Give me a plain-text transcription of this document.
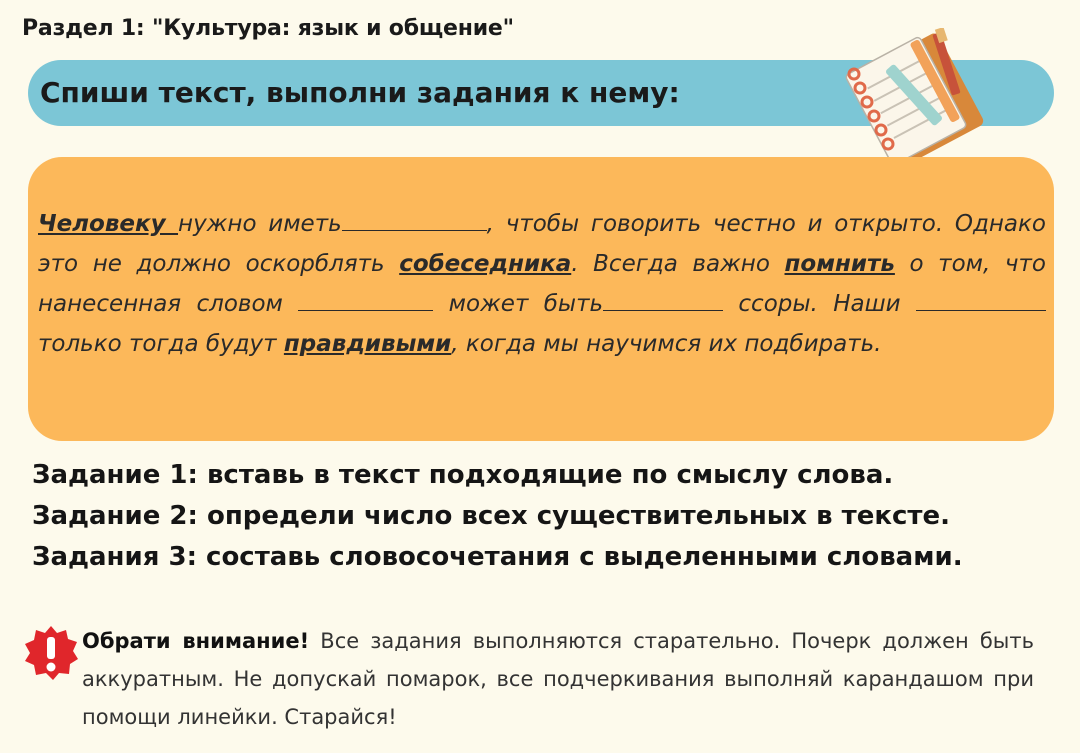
Раздел 1: "Культура: язык и общение"
Спиши текст, выполни задания к нему:
Человеку нужно иметь	, чтобы говорить честно и открыто. Однако это не должно оскорблять собеседника. Всегда важно помнить о том, что нанесенная словом	может быть	ссоры. Наши  только тогда будут правдивыми, когда мы научимся их подбирать.
Задание 1: вставь в текст подходящие по смыслу слова.
Задание 2: определи число всех существительных в тексте.
Задания 3: составь словосочетания с выделенными словами.
Обрати внимание! Все задания выполняются старательно. Почерк должен быть аккуратным. Не допускай помарок, все подчеркивания выполняй карандашом при помощи линейки. Старайся!
